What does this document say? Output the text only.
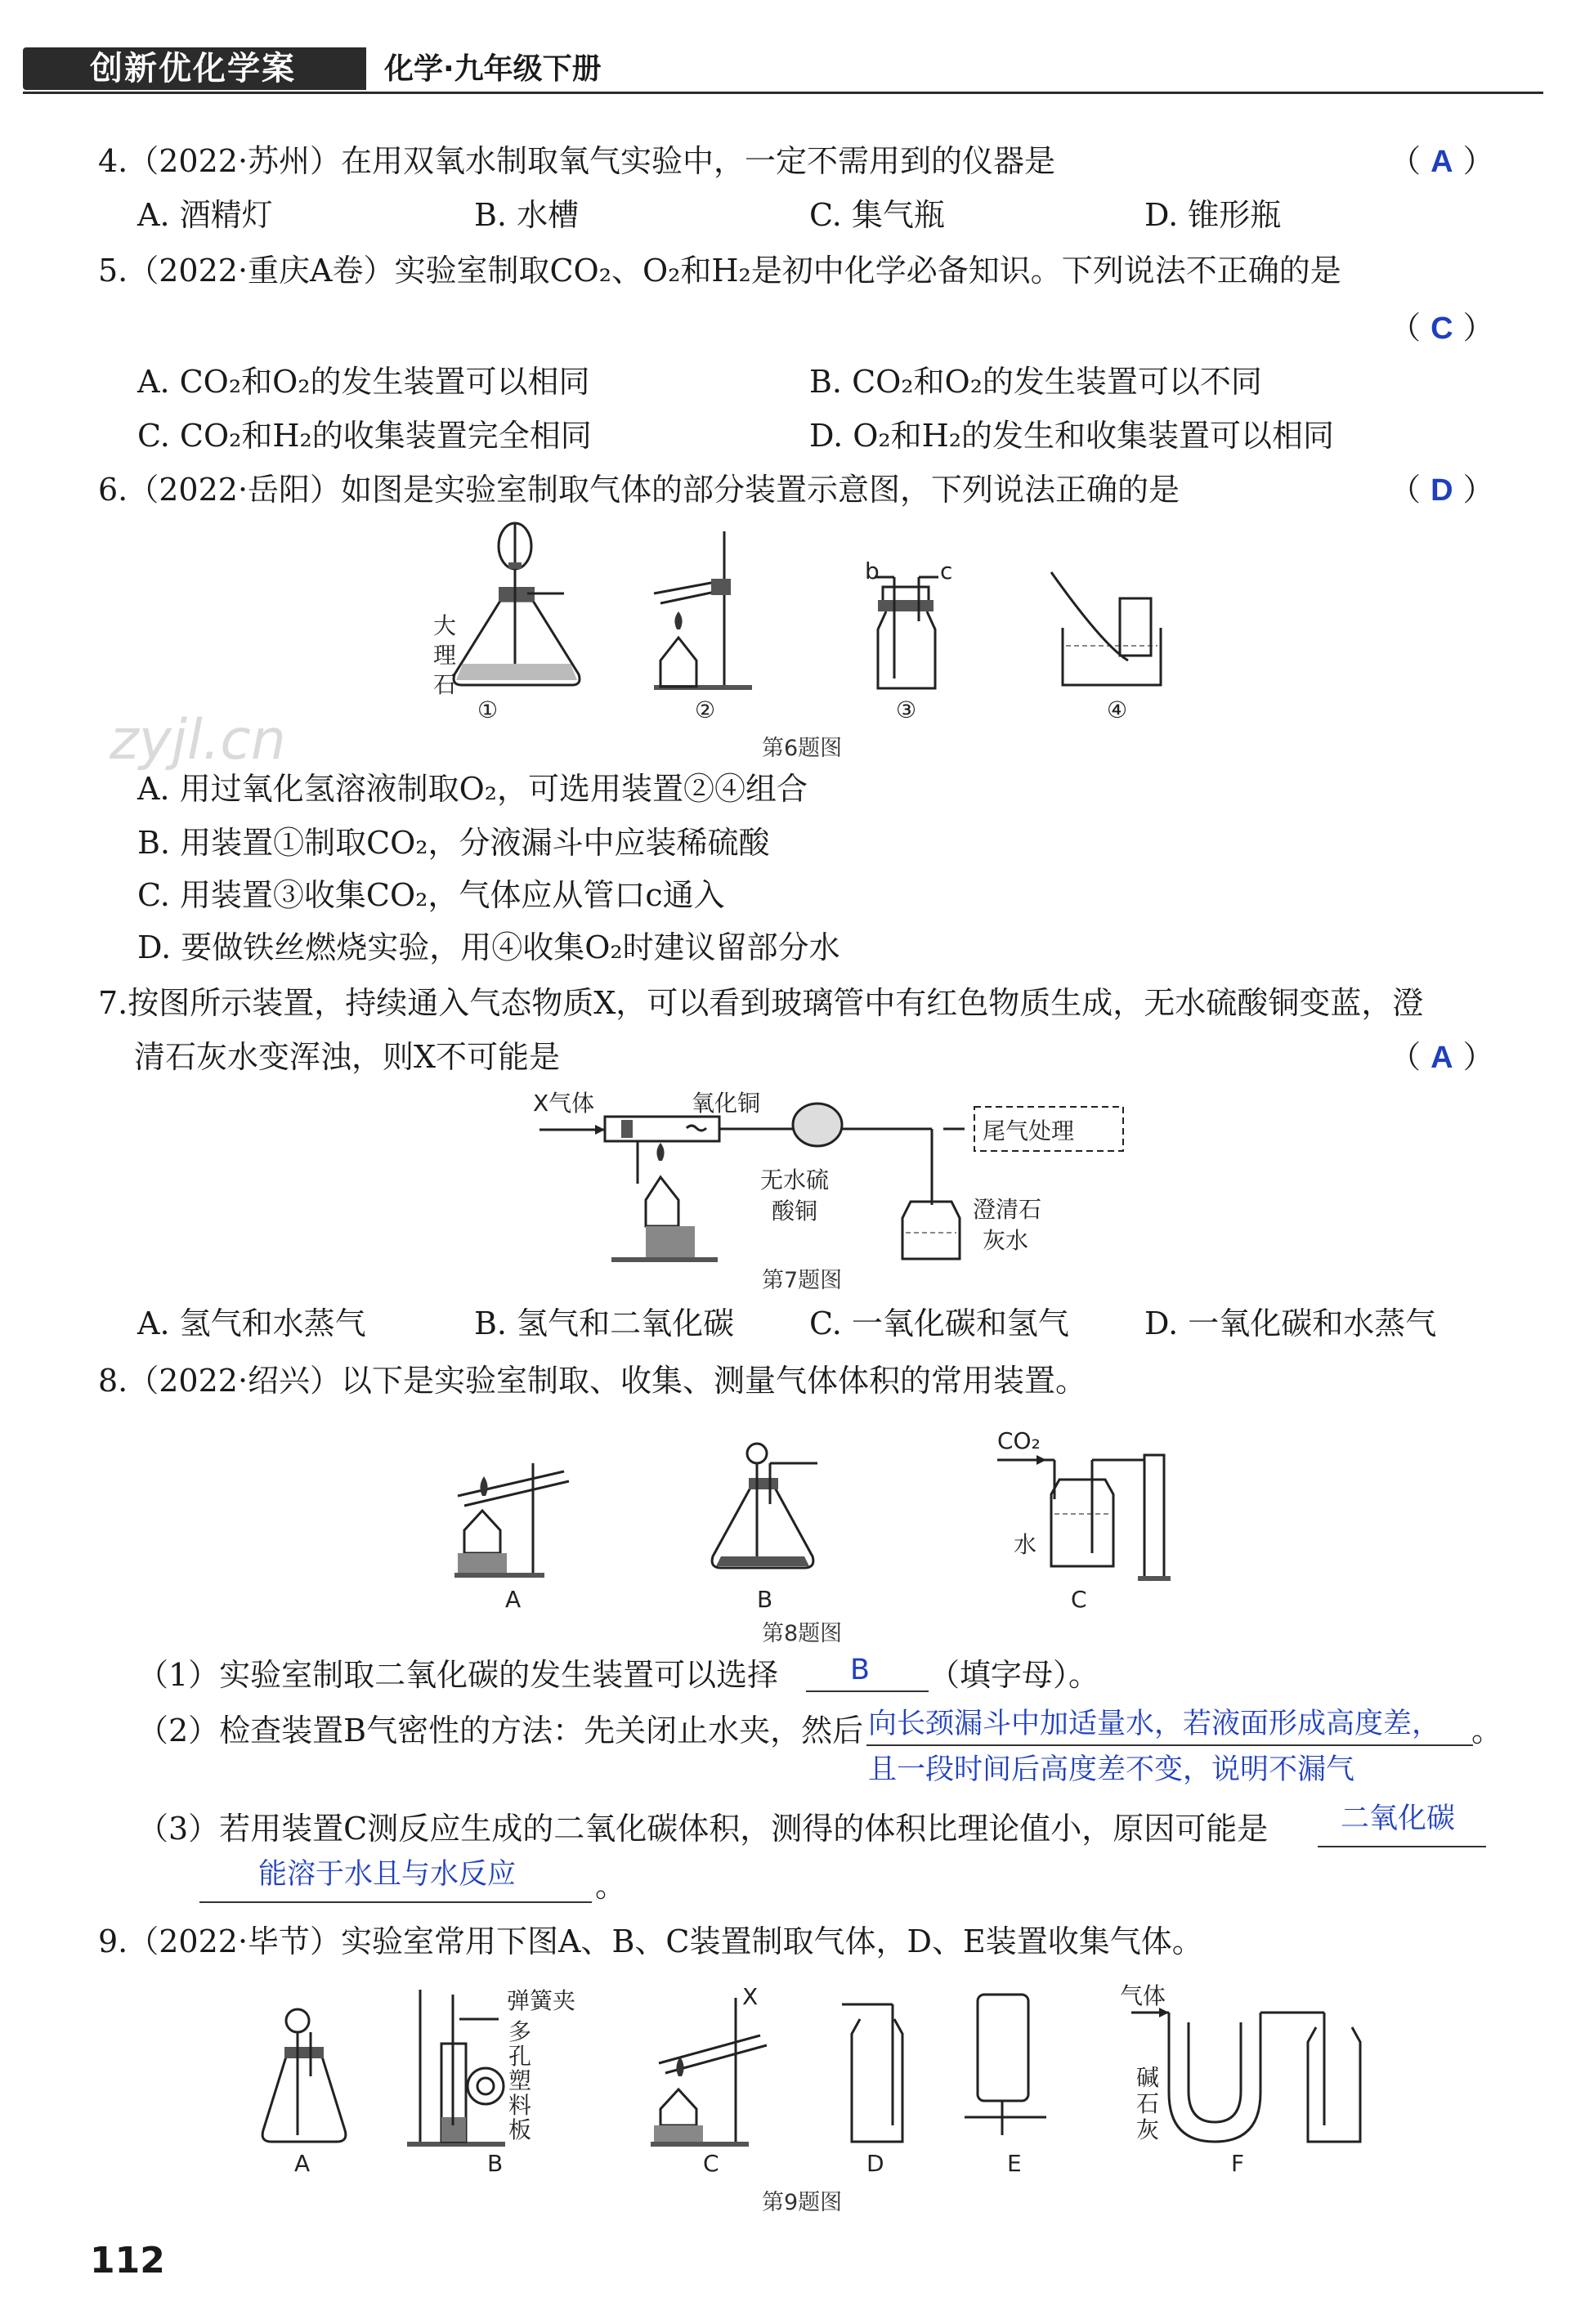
创新优化学案	化学·九年级下册
4.（2022·苏州）在用双氧水制取氧气实验中，一定不需用到的仪器是	（ A ）
A. 酒精灯	B. 水槽	C. 集气瓶	D. 锥形瓶
5.（2022·重庆A卷）实验室制取CO₂、O₂和H₂是初中化学必备知识。下列说法不正确的是
（ C ）
A. CO₂和O₂的发生装置可以相同	B. CO₂和O₂的发生装置可以不同
C. CO₂和H₂的收集装置完全相同	D. O₂和H₂的发生和收集装置可以相同
6.（2022·岳阳）如图是实验室制取气体的部分装置示意图，下列说法正确的是	（ D ）
大理石
b	c
①	②	③	④
第6题图
zyjl.cn
A. 用过氧化氢溶液制取O₂，可选用装置②④组合
B. 用装置①制取CO₂，分液漏斗中应装稀硫酸
C. 用装置③收集CO₂，气体应从管口c通入
D. 要做铁丝燃烧实验，用④收集O₂时建议留部分水
7.按图所示装置，持续通入气态物质X，可以看到玻璃管中有红色物质生成，无水硫酸铜变蓝，澄
清石灰水变浑浊，则X不可能是	（ A ）
X气体	氧化铜
无水硫
酸铜
尾气处理
澄清石
灰水
第7题图
A. 氢气和水蒸气	B. 氢气和二氧化碳 C. 一氧化碳和氢气 D. 一氧化碳和水蒸气
8.（2022·绍兴）以下是实验室制取、收集、测量气体体积的常用装置。
CO₂
水
A	B	C
第8题图
（1）实验室制取二氧化碳的发生装置可以选择	B （填字母）。
（2）检查装置B气密性的方法：先关闭止水夹，然后 向长颈漏斗中加适量水，若液面形成高度差， 。
且一段时间后高度差不变，说明不漏气
（3）若用装置C测反应生成的二氧化碳体积，测得的体积比理论值小，原因可能是	二氧化碳
能溶于水且与水反应	。
9.（2022·毕节）实验室常用下图A、B、C装置制取气体，D、E装置收集气体。
弹簧夹
多
孔
塑
料
板
X	气体
碱
石
灰
A	B	C	D	E	F
第9题图
112
